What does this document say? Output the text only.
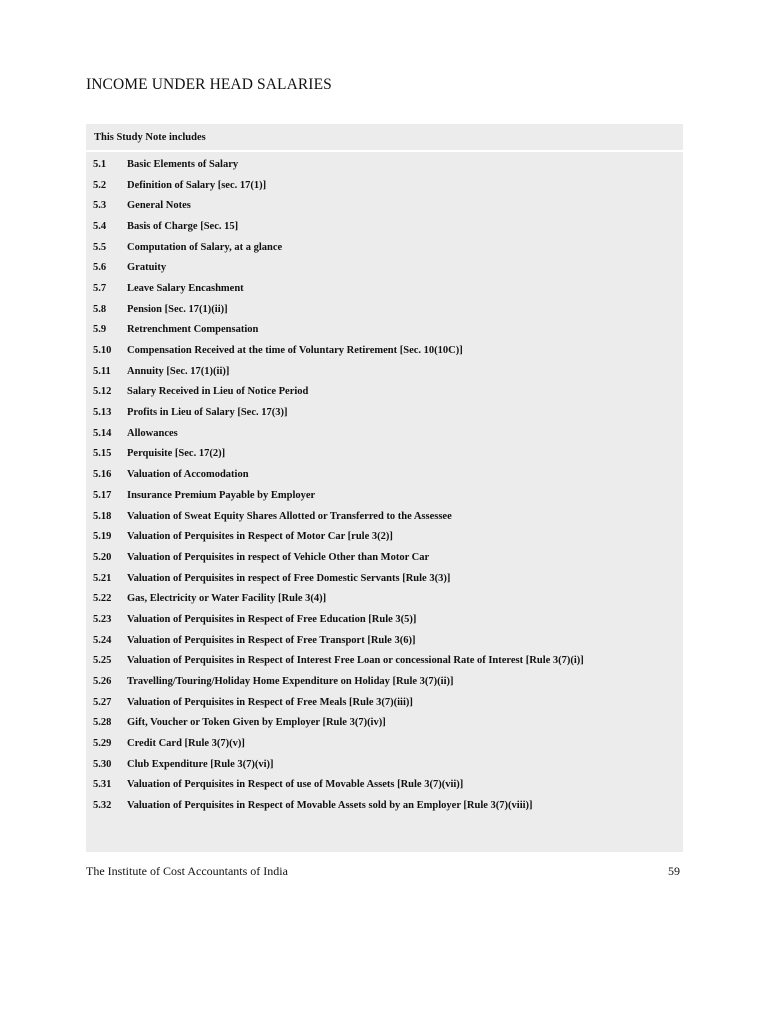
INCOME UNDER HEAD SALARIES
This Study Note includes
5.1	Basic Elements of Salary
5.2	Definition of Salary [sec. 17(1)]
5.3	General Notes
5.4	Basis of Charge [Sec. 15]
5.5	Computation of Salary, at a glance
5.6	Gratuity
5.7	Leave Salary Encashment
5.8	Pension [Sec. 17(1)(ii)]
5.9	Retrenchment Compensation
5.10	Compensation Received at the time of Voluntary Retirement [Sec. 10(10C)]
5.11	Annuity [Sec. 17(1)(ii)]
5.12	Salary Received in Lieu of Notice Period
5.13	Profits in Lieu of Salary [Sec. 17(3)]
5.14	Allowances
5.15	Perquisite [Sec. 17(2)]
5.16	Valuation of Accomodation
5.17	Insurance Premium Payable by Employer
5.18	Valuation of Sweat Equity Shares Allotted or Transferred to the Assessee
5.19	Valuation of Perquisites in Respect of Motor Car [rule 3(2)]
5.20	Valuation of Perquisites in respect of Vehicle Other than Motor Car
5.21	Valuation of Perquisites in respect of Free Domestic Servants [Rule 3(3)]
5.22	Gas, Electricity or Water Facility [Rule 3(4)]
5.23	Valuation of Perquisites in Respect of Free Education [Rule 3(5)]
5.24	Valuation of Perquisites in Respect of Free Transport [Rule 3(6)]
5.25	Valuation of Perquisites in Respect of Interest Free Loan or concessional Rate of Interest [Rule 3(7)(i)]
5.26	Travelling/Touring/Holiday Home Expenditure on Holiday [Rule 3(7)(ii)]
5.27	Valuation of Perquisites in Respect of Free Meals [Rule 3(7)(iii)]
5.28	Gift, Voucher or Token Given by Employer [Rule 3(7)(iv)]
5.29	Credit Card [Rule 3(7)(v)]
5.30	Club Expenditure [Rule 3(7)(vi)]
5.31	Valuation of Perquisites in Respect of use of Movable Assets [Rule 3(7)(vii)]
5.32	Valuation of Perquisites in Respect of Movable Assets sold by an Employer [Rule 3(7)(viii)]
The Institute of Cost Accountants of India	59
